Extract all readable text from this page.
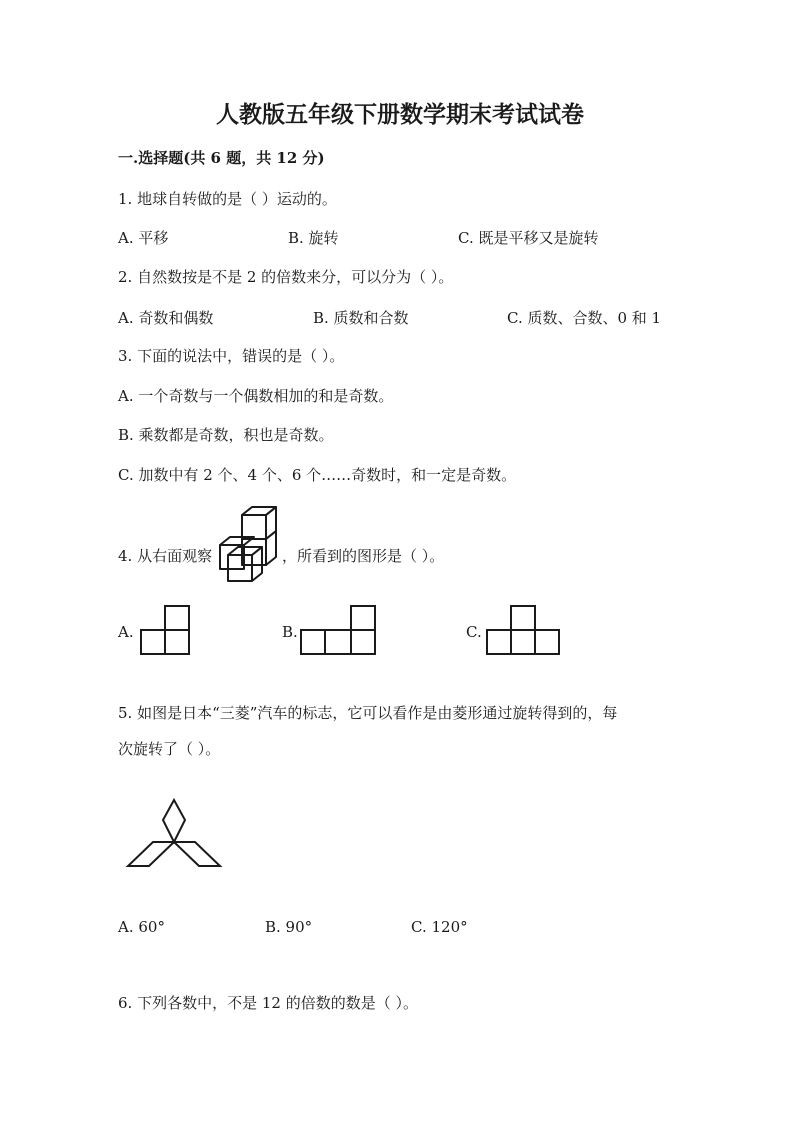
人教版五年级下册数学期末考试试卷
一.选择题(共 6 题，共 12 分)
1. 地球自转做的是（ ）运动的。
A. 平移	B. 旋转	C. 既是平移又是旋转
2. 自然数按是不是 2 的倍数来分，可以分为（ ）。
A. 奇数和偶数	B. 质数和合数	C. 质数、合数、0 和 1
3. 下面的说法中，错误的是（ ）。
A. 一个奇数与一个偶数相加的和是奇数。
B. 乘数都是奇数，积也是奇数。
C. 加数中有 2 个、4 个、6 个……奇数时，和一定是奇数。
4. 从右面观察	，所看到的图形是（ ）。
A.	B.	C.
5. 如图是日本“三菱”汽车的标志，它可以看作是由菱形通过旋转得到的，每
次旋转了（ ）。
A. 60°	B. 90°	C. 120°
6. 下列各数中，不是 12 的倍数的数是（ ）。
